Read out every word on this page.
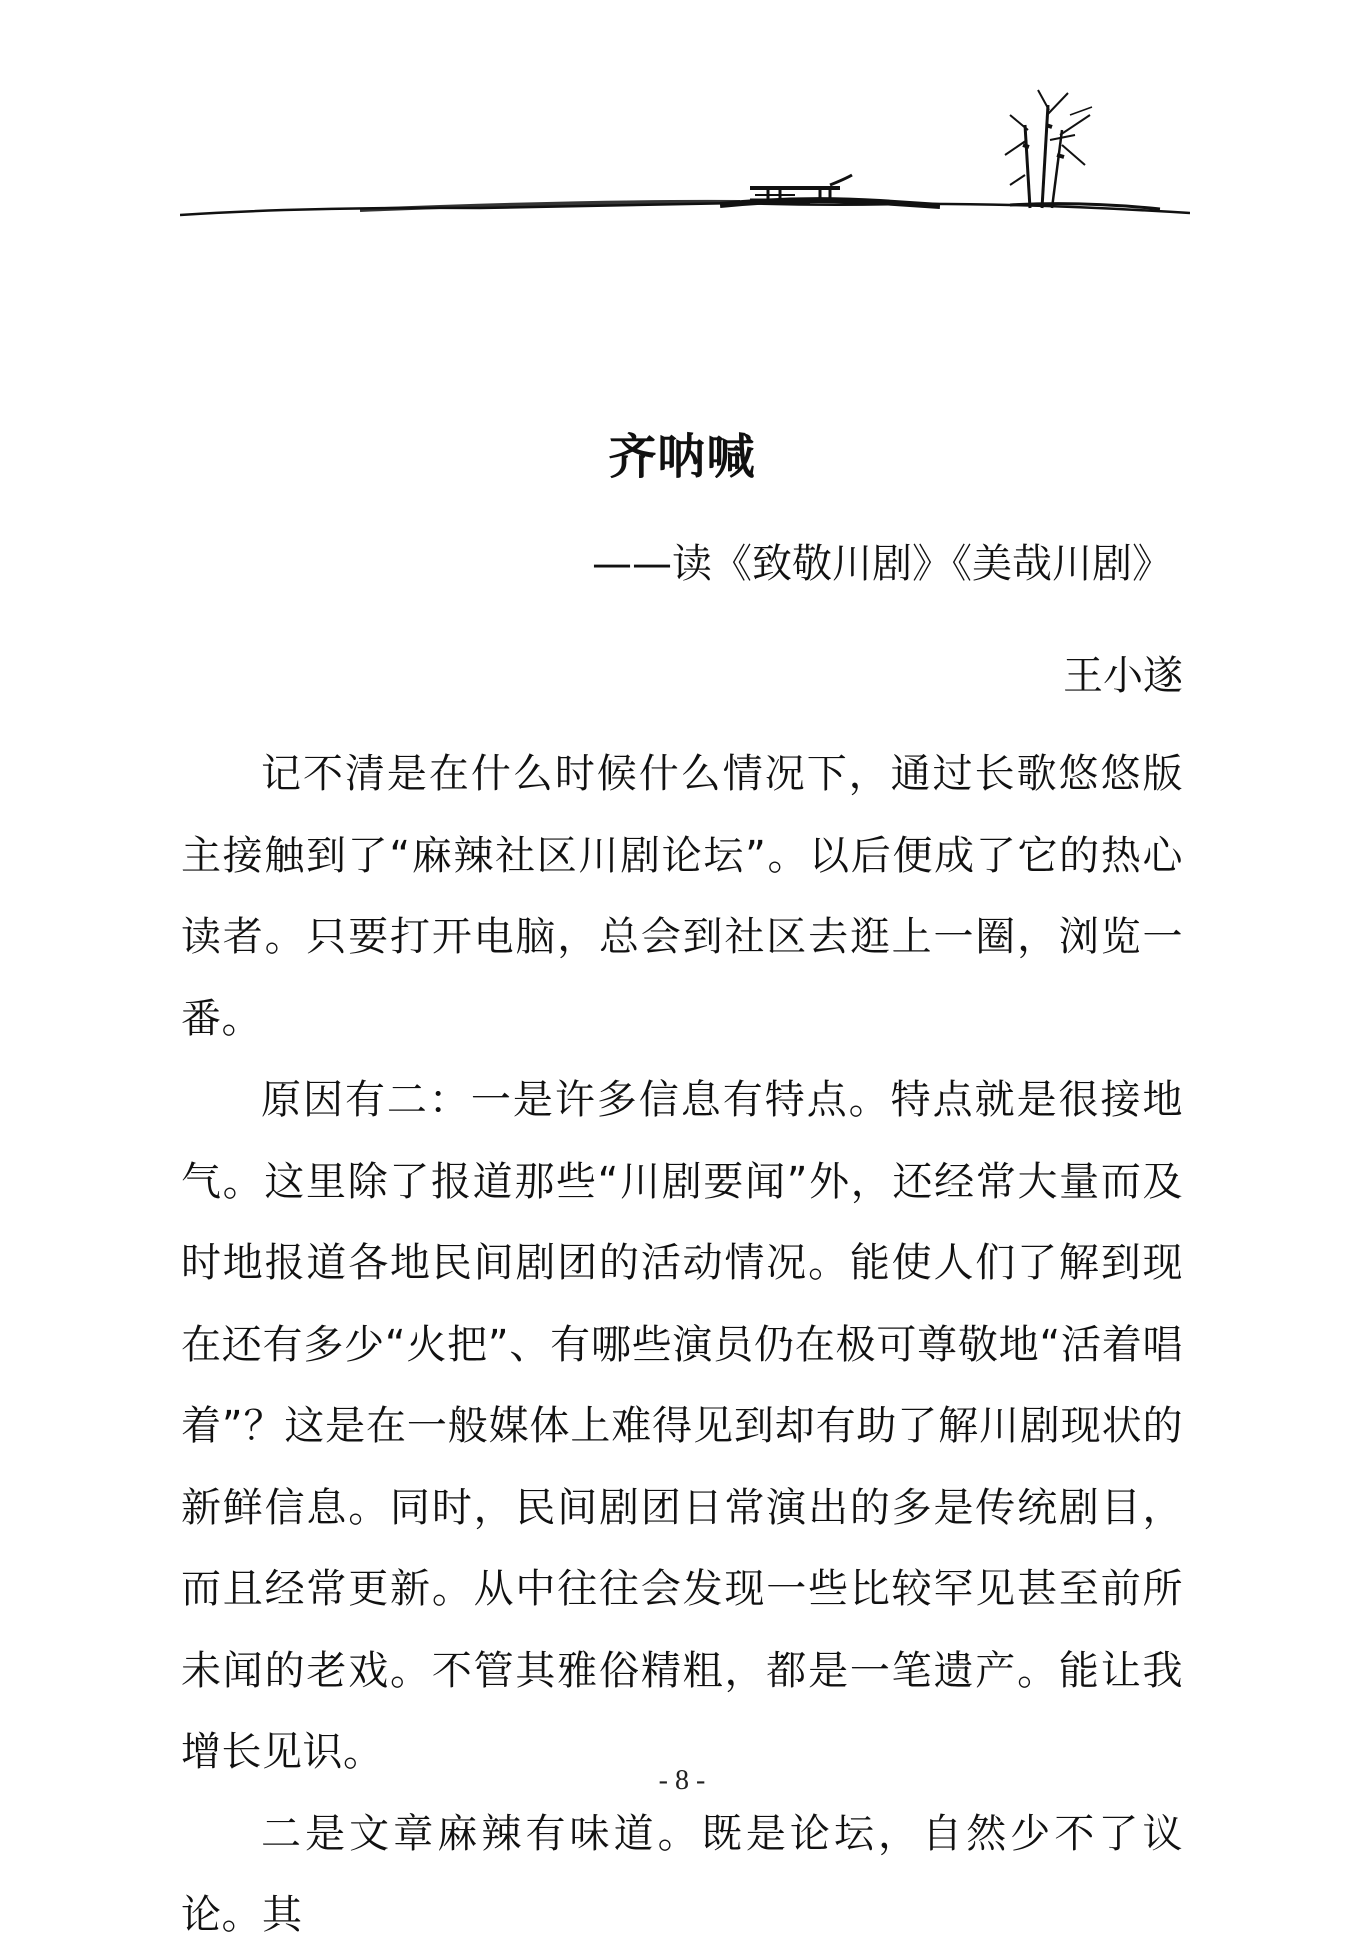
齐呐喊
——读《致敬川剧》《美哉川剧》
王小遂

记不清是在什么时候什么情况下，通过长歌悠悠版主接触到了“麻辣社区川剧论坛”。以后便成了它的热心读者。只要打开电脑，总会到社区去逛上一圈，浏览一番。

原因有二：一是许多信息有特点。特点就是很接地气。这里除了报道那些“川剧要闻”外，还经常大量而及时地报道各地民间剧团的活动情况。能使人们了解到现在还有多少“火把”、有哪些演员仍在极可尊敬地“活着唱着”？这是在一般媒体上难得见到却有助了解川剧现状的新鲜信息。同时，民间剧团日常演出的多是传统剧目，而且经常更新。从中往往会发现一些比较罕见甚至前所未闻的老戏。不管其雅俗精粗，都是一笔遗产。能让我增长见识。

二是文章麻辣有味道。既是论坛，自然少不了议论。其

- 8 -
